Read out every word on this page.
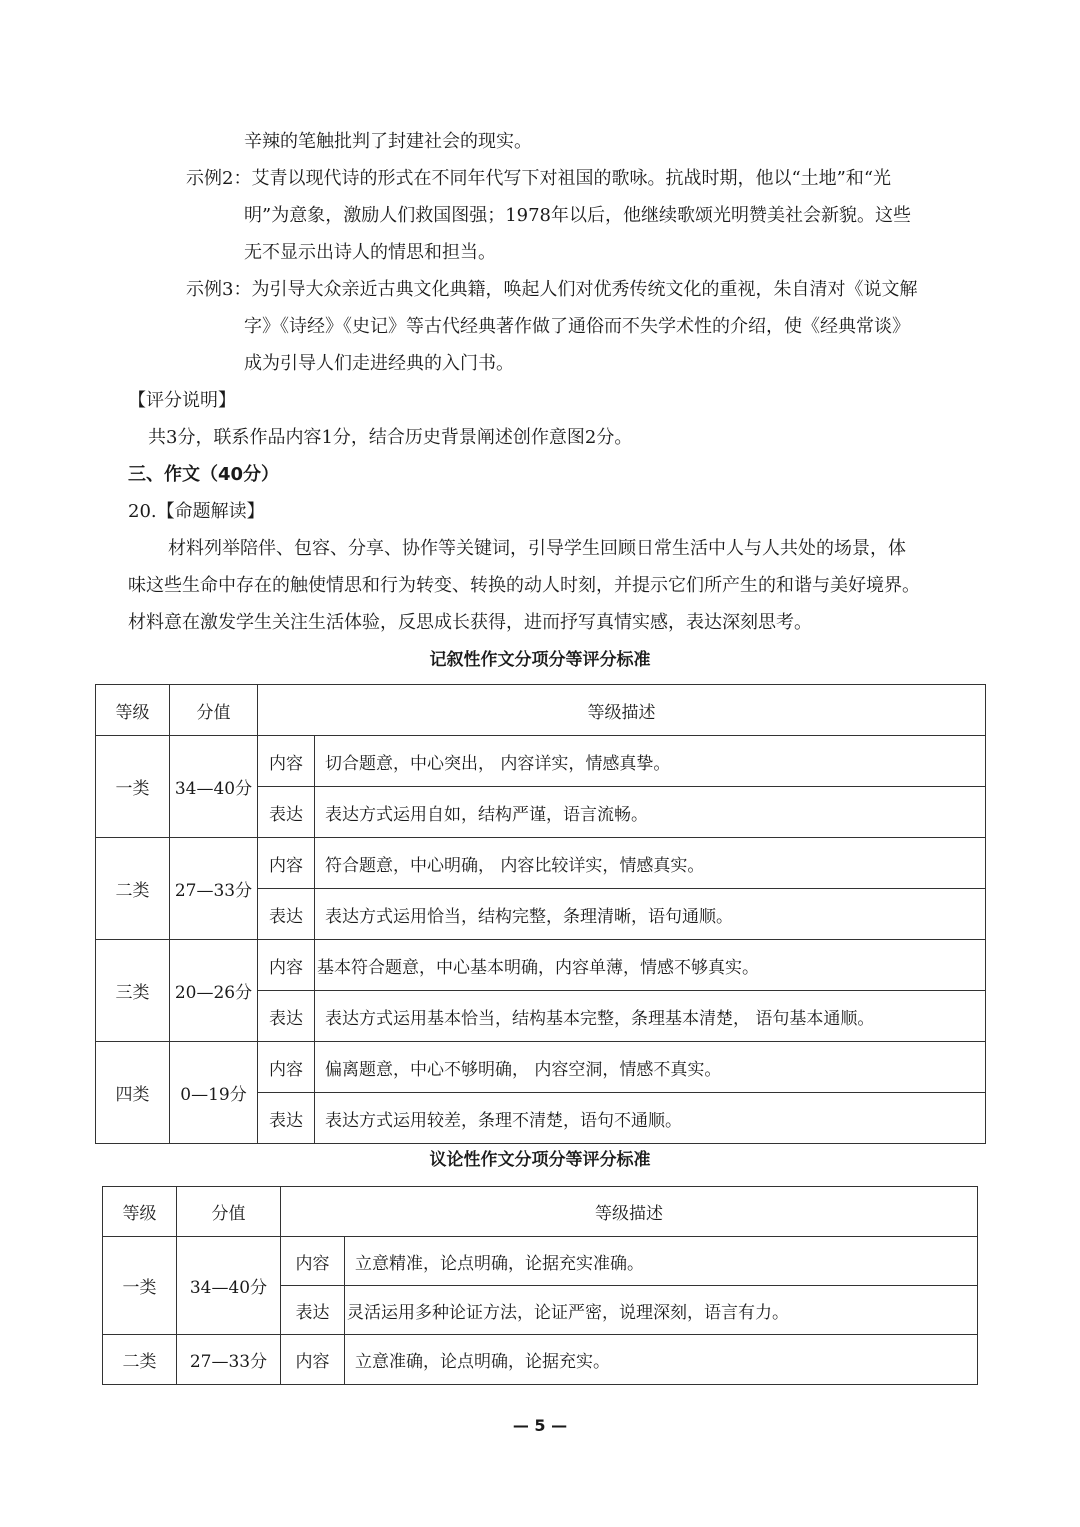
辛辣的笔触批判了封建社会的现实。
示例2：艾青以现代诗的形式在不同年代写下对祖国的歌咏。抗战时期，他以“土地”和“光
明”为意象，激励人们救国图强；1978年以后，他继续歌颂光明赞美社会新貌。这些
无不显示出诗人的情思和担当。
示例3：为引导大众亲近古典文化典籍，唤起人们对优秀传统文化的重视，朱自清对《说文解
字》《诗经》《史记》等古代经典著作做了通俗而不失学术性的介绍，使《经典常谈》
成为引导人们走进经典的入门书。
【评分说明】
共3分，联系作品内容1分，结合历史背景阐述创作意图2分。
三、作文（40分）
20.【命题解读】
材料列举陪伴、包容、分享、协作等关键词，引导学生回顾日常生活中人与人共处的场景，体
味这些生命中存在的触使情思和行为转变、转换的动人时刻，并提示它们所产生的和谐与美好境界。
材料意在激发学生关注生活体验，反思成长获得，进而抒写真情实感，表达深刻思考。
记叙性作文分项分等评分标准
等级	分值	等级描述	
一类	34—40分	内容	切合题意，中心突出， 内容详实，情感真挚。
		表达	表达方式运用自如，结构严谨，语言流畅。
二类	27—33分	内容	符合题意，中心明确， 内容比较详实，情感真实。
		表达	表达方式运用恰当，结构完整，条理清晰，语句通顺。
三类	20—26分	内容	基本符合题意，中心基本明确，内容单薄，情感不够真实。
		表达	表达方式运用基本恰当，结构基本完整，条理基本清楚， 语句基本通顺。
四类	0—19分	内容	偏离题意，中心不够明确， 内容空洞，情感不真实。
		表达	表达方式运用较差，条理不清楚，语句不通顺。
议论性作文分项分等评分标准
等级	分值	等级描述	
一类	34—40分	内容	立意精准，论点明确，论据充实准确。
		表达	灵活运用多种论证方法，论证严密，说理深刻，语言有力。
二类	27—33分	内容	立意准确，论点明确，论据充实。
— 5 —
